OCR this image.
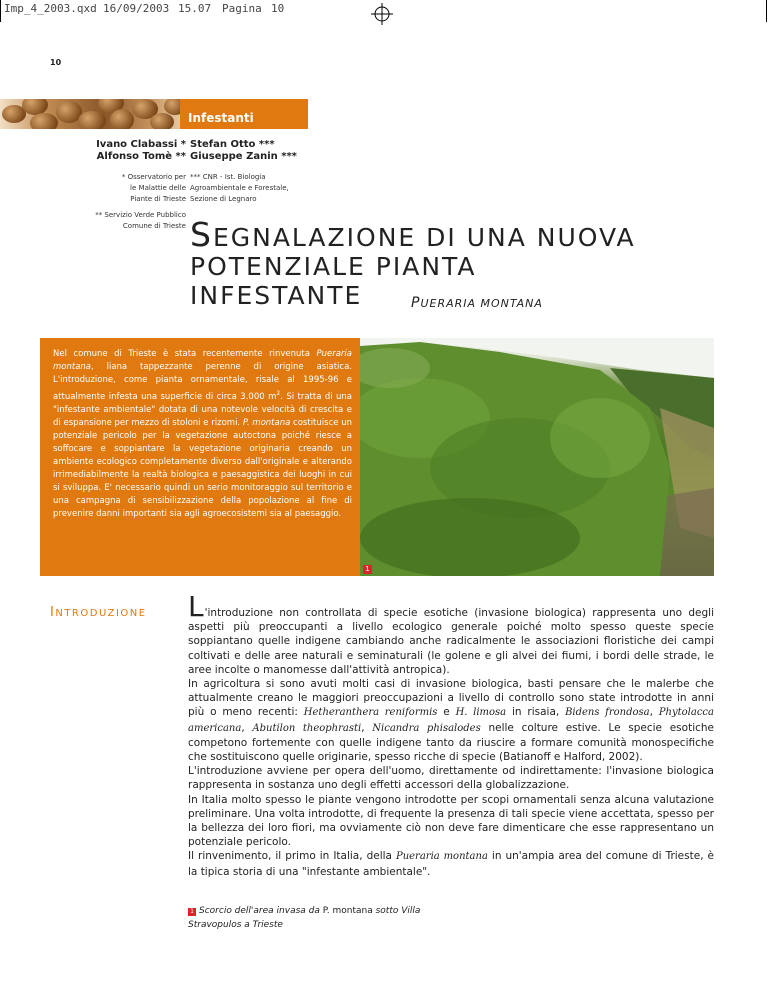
Imp_4_2003.qxd 16/09/2003 15.07 Pagina 10
10
Infestanti
Ivano Clabassi *
Alfonso Tomè **
Stefan Otto ***
Giuseppe Zanin ***
* Osservatorio per
le Malattie delle
Piante di Trieste
** Servizio Verde Pubblico
Comune di Trieste
*** CNR - Ist. Biologia
Agroambientale e Forestale,
Sezione di Legnaro
SEGNALAZIONE DI UNA NUOVA
POTENZIALE PIANTA
INFESTANTE	PUERARIA MONTANA
Nel comune di Trieste è stata recentemente rinvenuta Pueraria montana, liana tappezzante perenne di origine asiatica. L'introduzione, come pianta ornamentale, risale al 1995-96 e attualmente infesta una superficie di circa 3.000 $m^2$. Si tratta di una "infestante ambientale" dotata di una notevole velocità di crescita e di espansione per mezzo di stoloni e rizomi. P. montana costituisce un potenziale pericolo per la vegetazione autoctona poiché riesce a soffocare e soppiantare la vegetazione originaria creando un ambiente ecologico completamente diverso dall'originale e alterando irrimediabilmente la realtà biologica e paesaggistica dei luoghi in cui si sviluppa. E' necessario quindi un serio monitoraggio sul territorio e una campagna di sensibilizzazione della popolazione al fine di prevenire danni importanti sia agli agroecosistemi sia al paesaggio.
1
INTRODUZIONE L'introduzione non controllata di specie esotiche (invasione biologica) rappresenta uno degli aspetti più preoccupanti a livello ecologico generale poiché molto spesso queste specie soppiantano quelle indigene cambiando anche radicalmente le associazioni floristiche dei campi coltivati e delle aree naturali e seminaturali (le golene e gli alvei dei fiumi, i bordi delle strade, le aree incolte o manomesse dall'attività antropica).

In agricoltura si sono avuti molti casi di invasione biologica, basti pensare che le malerbe che attualmente creano le maggiori preoccupazioni a livello di controllo sono state introdotte in anni più o meno recenti: Hetheranthera reniformis e H. limosa in risaia, Bidens frondosa, Phytolacca americana, Abutilon theophrasti, Nicandra phisalodes nelle colture estive. Le specie esotiche competono fortemente con quelle indigene tanto da riuscire a formare comunità monospecifiche che sostituiscono quelle originarie, spesso ricche di specie (Batianoff e Halford, 2002).

L'introduzione avviene per opera dell'uomo, direttamente od indirettamente: l'invasione biologica rappresenta in sostanza uno degli effetti accessori della globalizzazione.

In Italia molto spesso le piante vengono introdotte per scopi ornamentali senza alcuna valutazione preliminare. Una volta introdotte, di frequente la presenza di tali specie viene accettata, spesso per la bellezza dei loro fiori, ma ovviamente ciò non deve fare dimenticare che esse rappresentano un potenziale pericolo.

Il rinvenimento, il primo in Italia, della Pueraria montana in un'ampia area del comune di Trieste, è la tipica storia di una "infestante ambientale".

1 Scorcio dell'area invasa da P. montana sotto Villa
Stravopulos a Trieste
